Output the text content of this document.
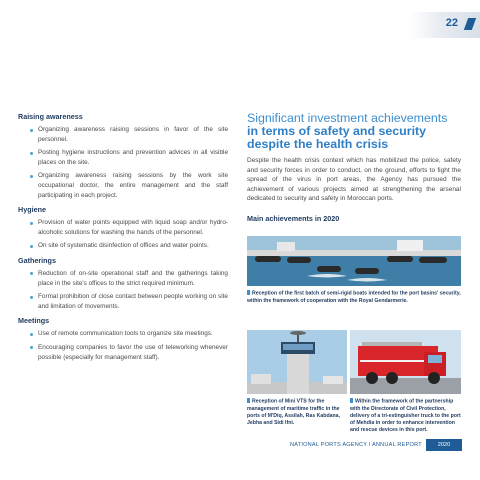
22
Raising awareness
Organizing awareness raising sessions in favor of the site personnel.
Posting hygiene instructions and prevention advices in all visible places on the site.
Organizing awareness raising sessions by the work site occupational doctor, the entire management and the staff participating in each project.
Hygiene
Provision of water points equipped with liquid soap and/or hydro-alcoholic solutions for washing the hands of the personnel.
On site of systematic disinfection of offices and water points.
Gatherings
Reduction of on-site operational staff and the gatherings taking place in the site's offices to the strict required minimum.
Formal prohibition of close contact between people working on site and limitation of movements.
Meetings
Use of remote communication tools to organize site meetings.
Encouraging companies to favor the use of teleworking whenever possible (especially for management staff).
Significant investment achievements
in terms of safety and security
despite the health crisis
Despite the health crisis context which has mobilized the police, safety and security forces in order to conduct, on the ground, efforts to fight the spread of the virus in port areas, the Agency has pursued the achievement of various projects aimed at strengthening the arsenal dedicated to security and safety in Moroccan ports.
Main achievements in 2020
Reception of the first batch of semi-rigid boats intended for the port basins' security, within the framework of cooperation with the Royal Gendarmerie.
Reception of Mini VTS for the management of maritime traffic in the ports of M'Diq, Assilah, Ras Kabdana, Jebha and Sidi Ifni.
Within the framework of the partnership with the Directorate of Civil Protection, delivery of a tri-estinguisher truck to the port of Mehdia in order to enhance intervention and rescue devices in this port.
NATIONAL PORTS AGENCY I ANNUAL REPORT	2020
